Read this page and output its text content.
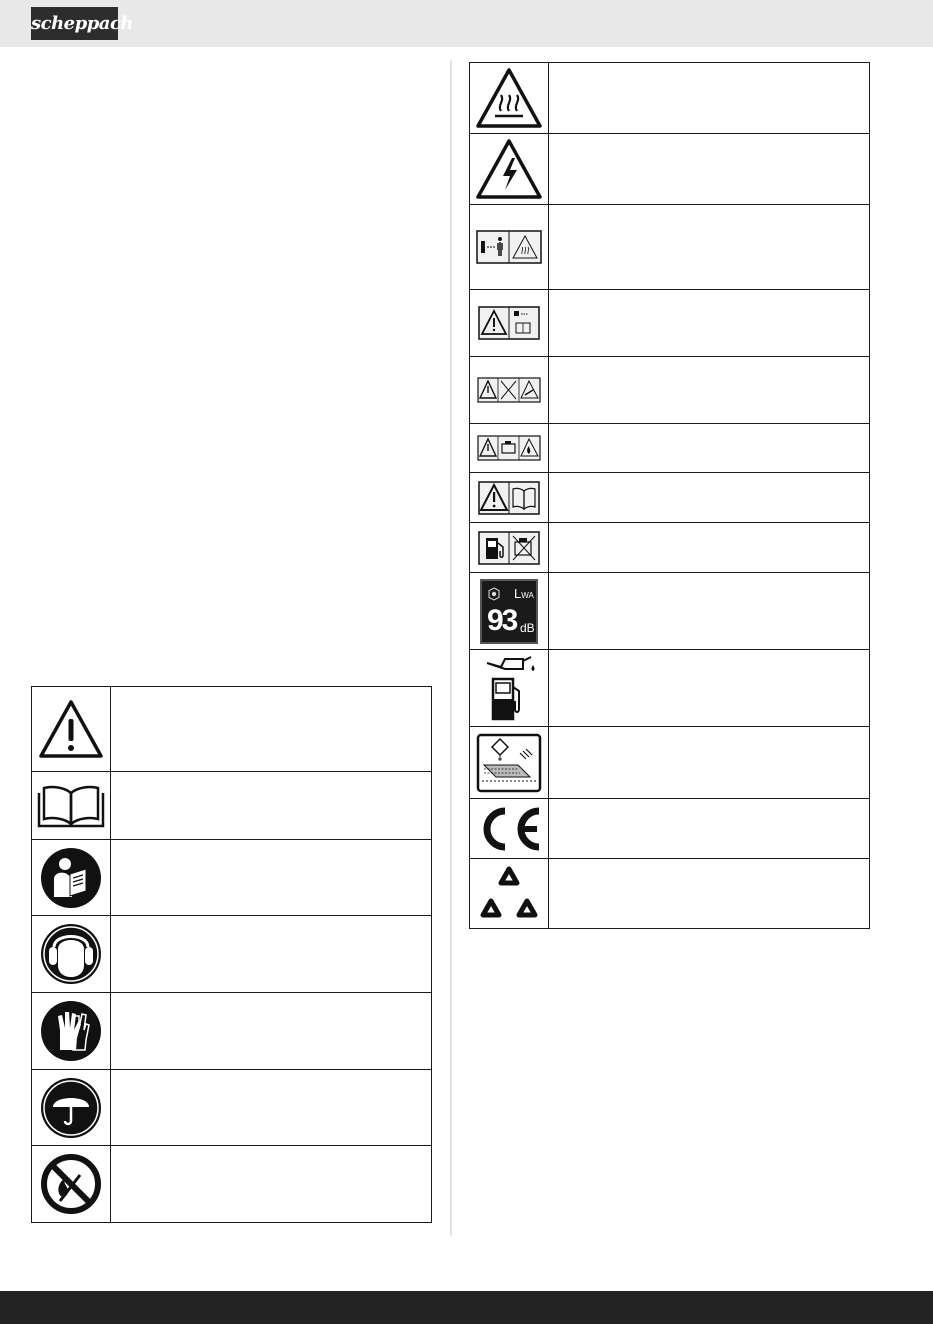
scheppach

LWA
93 dB	
